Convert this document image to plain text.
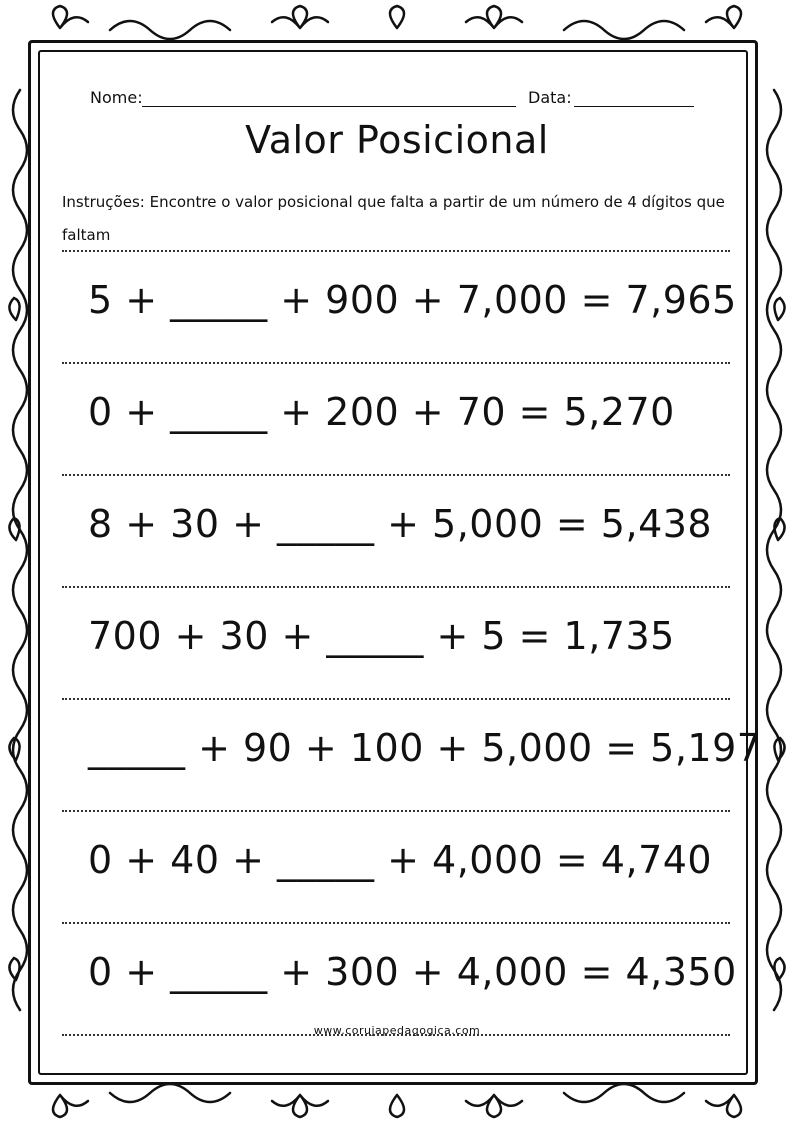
Nome:	Data:
Valor Posicional
Instruções: Encontre o valor posicional que falta a partir de um número de 4 dígitos que faltam
5 + _____ + 900 + 7,000 = 7,965
0 + _____ + 200 + 70 = 5,270
8 + 30 + _____ + 5,000 = 5,438
700 + 30 + _____ + 5 = 1,735
_____ + 90 + 100 + 5,000 = 5,197
0 + 40 + _____ + 4,000 = 4,740
0 + _____ + 300 + 4,000 = 4,350
www.corujapedagogica.com
